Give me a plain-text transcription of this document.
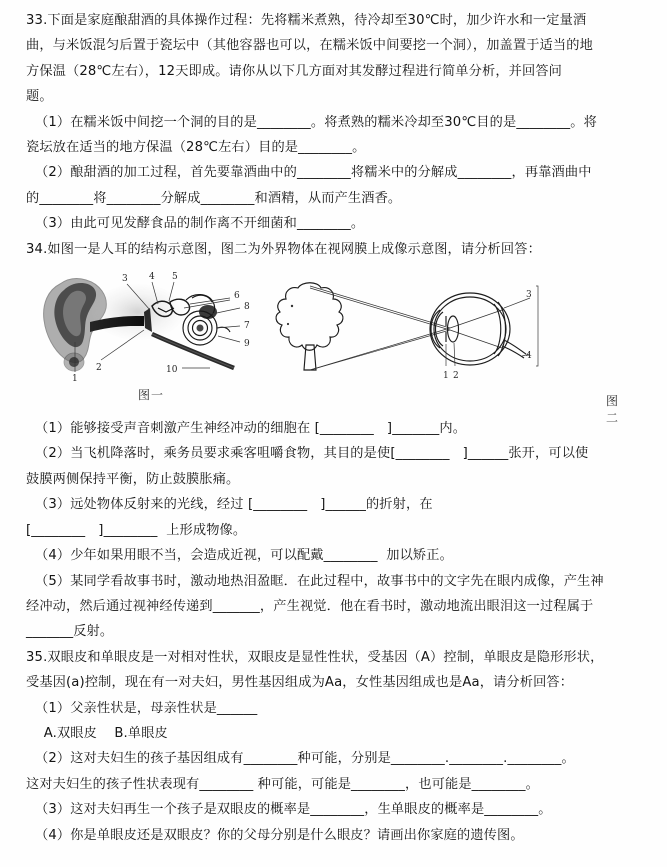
33.下面是家庭酿甜酒的具体操作过程：先将糯米煮熟，待冷却至30℃时，加少许水和一定量酒
曲，与米饭混匀后置于瓷坛中（其他容器也可以，在糯米饭中间要挖一个洞），加盖置于适当的地
方保温（28℃左右），12天即成。请你从以下几方面对其发酵过程进行简单分析，并回答问
题。
（1）在糯米饭中间挖一个洞的目的是________。将煮熟的糯米冷却至30℃目的是________。将
瓷坛放在适当的地方保温（28℃左右）目的是________。
（2）酿甜酒的加工过程，首先要靠酒曲中的________将糯米中的分解成________，再靠酒曲中
的________将________分解成________和酒精，从而产生酒香。
（3）由此可见发酵食品的制作离不开细菌和________。
34.如图一是人耳的结构示意图，图二为外界物体在视网膜上成像示意图，请分析回答：
1
2
3 4 5
6
7
8
9
10
图一
1 2
3
4
图二
（1）能够接受声音刺激产生神经冲动的细胞在 [________   ]_______内。
（2）当飞机降落时，乘务员要求乘客咀嚼食物，其目的是使[________   ]______张开，可以使
鼓膜两侧保持平衡，防止鼓膜胀痛。
（3）远处物体反射来的光线，经过 [________   ]______的折射，在
[________   ]________  上形成物像。
（4）少年如果用眼不当，会造成近视，可以配戴________  加以矫正。
（5）某同学看故事书时，激动地热泪盈眶．在此过程中，故事书中的文字先在眼内成像，产生神
经冲动，然后通过视神经传递到_______，产生视觉．他在看书时，激动地流出眼泪这一过程属于
_______反射。
35.双眼皮和单眼皮是一对相对性状，双眼皮是显性性状，受基因（A）控制，单眼皮是隐形形状，
受基因(a)控制，现在有一对夫妇，男性基因组成为Aa，女性基因组成也是Aa，请分析回答：
（1）父亲性状是，母亲性状是______
A.双眼皮    B.单眼皮
（2）这对夫妇生的孩子基因组成有________种可能，分别是________.________.________。
这对夫妇生的孩子性状表现有________ 种可能，可能是________，也可能是________。
（3）这对夫妇再生一个孩子是双眼皮的概率是________，生单眼皮的概率是________。
（4）你是单眼皮还是双眼皮？你的父母分别是什么眼皮？请画出你家庭的遗传图。
